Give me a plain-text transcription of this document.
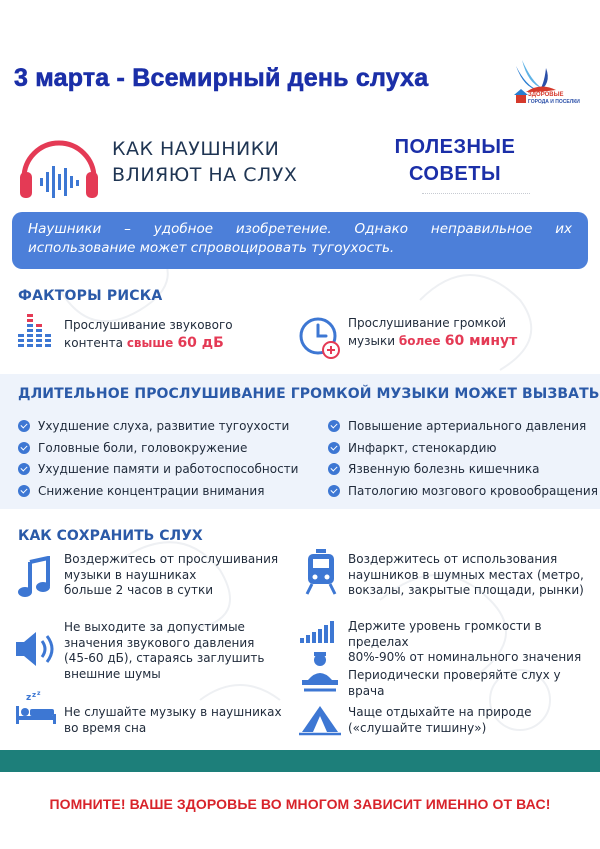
3 марта - Всемирный день слуха
ЗДОРОВЫЕ
ГОРОДА И ПОСЕЛКИ
КАК НАУШНИКИ
ВЛИЯЮТ НА СЛУХ
ПОЛЕЗНЫЕ
СОВЕТЫ
Наушники – удобное изобретение. Однако неправильное их
использование может спровоцировать тугоухость.
ФАКТОРЫ РИСКА
Прослушивание звукового
контента свыше 60 дБ
Прослушивание громкой
музыки более 60 минут
ДЛИТЕЛЬНОЕ ПРОСЛУШИВАНИЕ ГРОМКОЙ МУЗЫКИ МОЖЕТ ВЫЗВАТЬ
Ухудшение слуха, развитие тугоухости
Головные боли, головокружение
Ухудшение памяти и работоспособности
Снижение концентрации внимания
Повышение артериального давления
Инфаркт, стенокардию
Язвенную болезнь кишечника
Патологию мозгового кровообращения
КАК СОХРАНИТЬ СЛУХ
Воздержитесь от прослушивания
музыки в наушниках
больше 2 часов в сутки
Воздержитесь от использования
наушников в шумных местах (метро,
вокзалы, закрытые площади, рынки)
Не выходите за допустимые
значения звукового давления
(45-60 дБ), стараясь заглушить
внешние шумы
Держите уровень громкости в пределах
80%-90% от номинального значения
Периодически проверяйте слух у врача
z z z
Не слушайте музыку в наушниках
во время сна
Чаще отдыхайте на природе
(«слушайте тишину»)
ПОМНИТЕ! ВАШЕ ЗДОРОВЬЕ ВО МНОГОМ ЗАВИСИТ ИМЕННО ОТ ВАС!
